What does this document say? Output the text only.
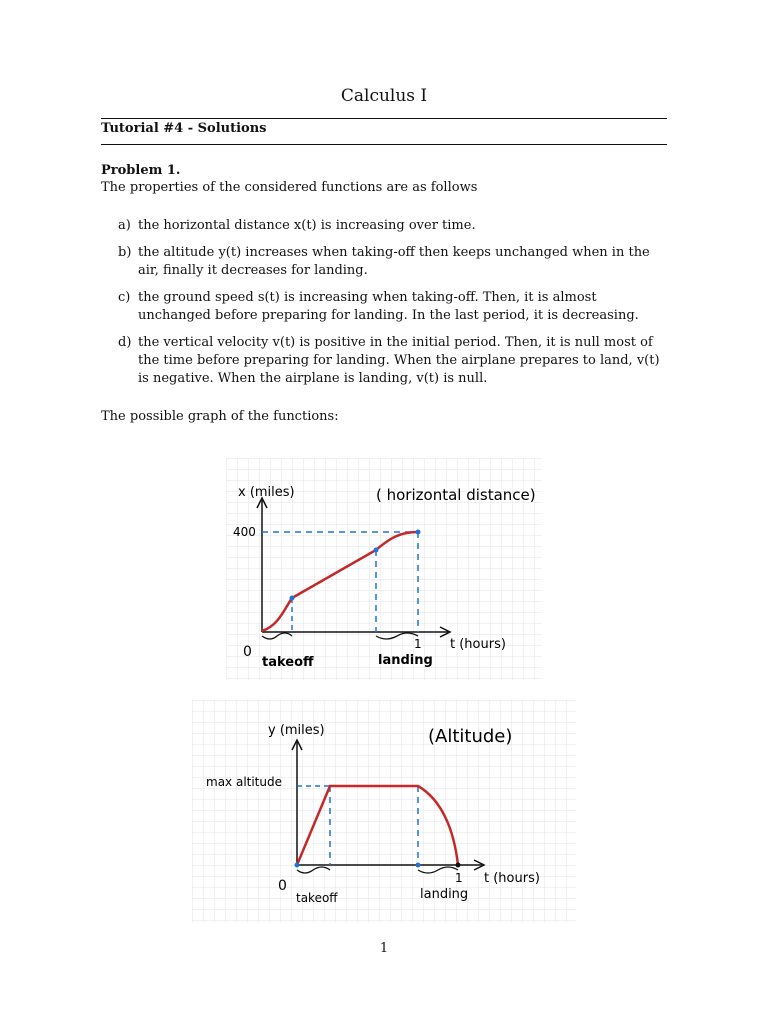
Calculus I
Tutorial #4 - Solutions
Problem 1.
The properties of the considered functions are as follows
a) the horizontal distance x(t) is increasing over time.
b) the altitude y(t) increases when taking-off then keeps unchanged when in the air, finally it decreases for landing.
c) the ground speed s(t) is increasing when taking-off. Then, it is almost unchanged before preparing for landing. In the last period, it is decreasing.
d) the vertical velocity v(t) is positive in the initial period. Then, it is null most of the time before preparing for landing. When the airplane prepares to land, v(t) is negative. When the airplane is landing, v(t) is null.
The possible graph of the functions:
x (miles)	( horizontal distance)
400
0	1 t (hours)
takeoff	landing
y (miles)	(Altitude)
max altitude
0	1 t (hours)
takeoff	landing
1
